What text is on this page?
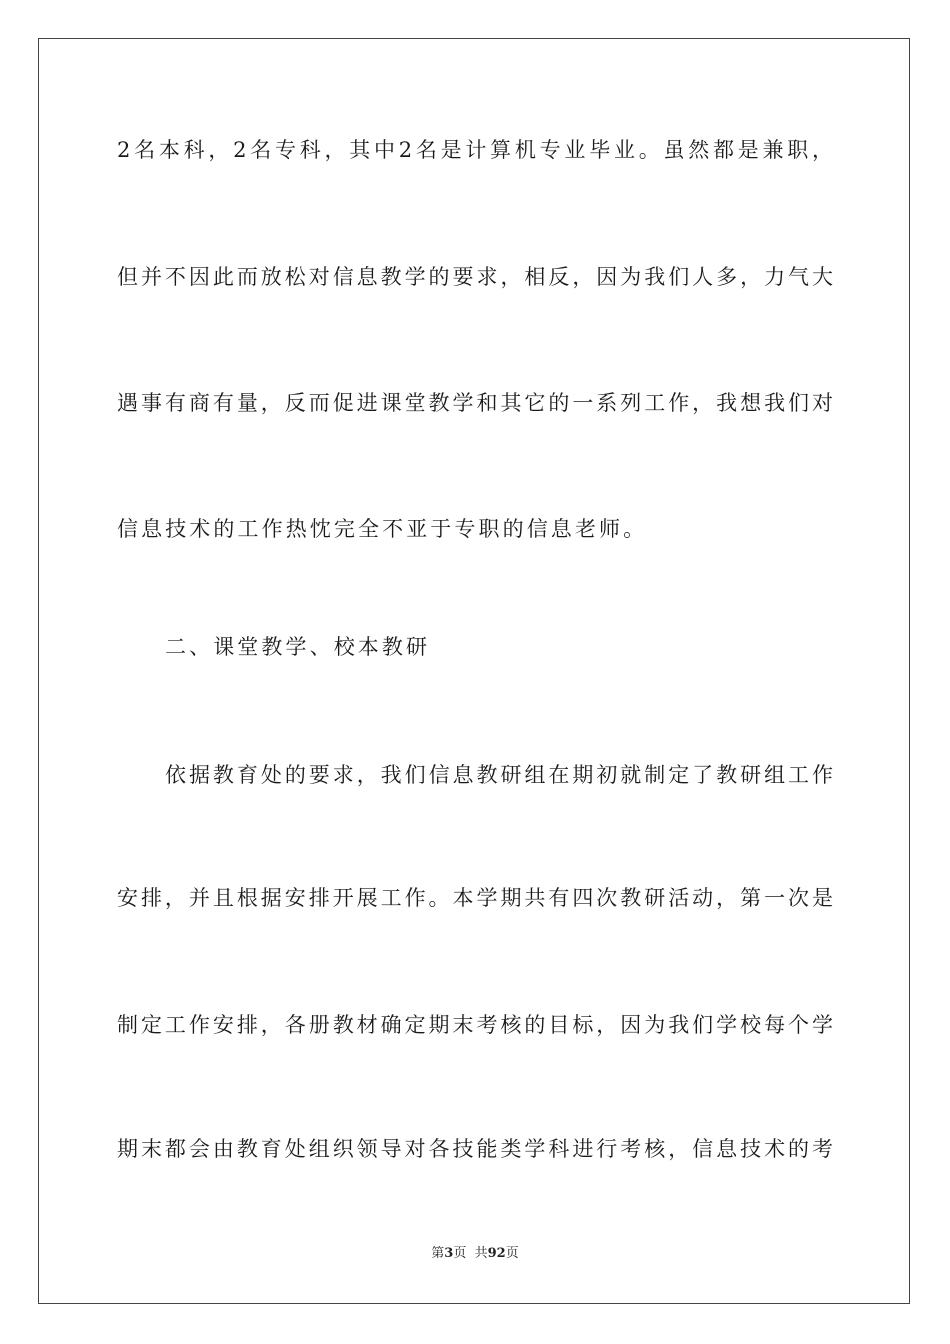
2名本科，2名专科，其中2名是计算机专业毕业。虽然都是兼职，
但并不因此而放松对信息教学的要求，相反，因为我们人多，力气大
遇事有商有量，反而促进课堂教学和其它的一系列工作，我想我们对
信息技术的工作热忱完全不亚于专职的信息老师。
二、课堂教学、校本教研
依据教育处的要求，我们信息教研组在期初就制定了教研组工作
安排，并且根据安排开展工作。本学期共有四次教研活动，第一次是
制定工作安排，各册教材确定期末考核的目标，因为我们学校每个学
期末都会由教育处组织领导对各技能类学科进行考核，信息技术的考
第3页  共92页
